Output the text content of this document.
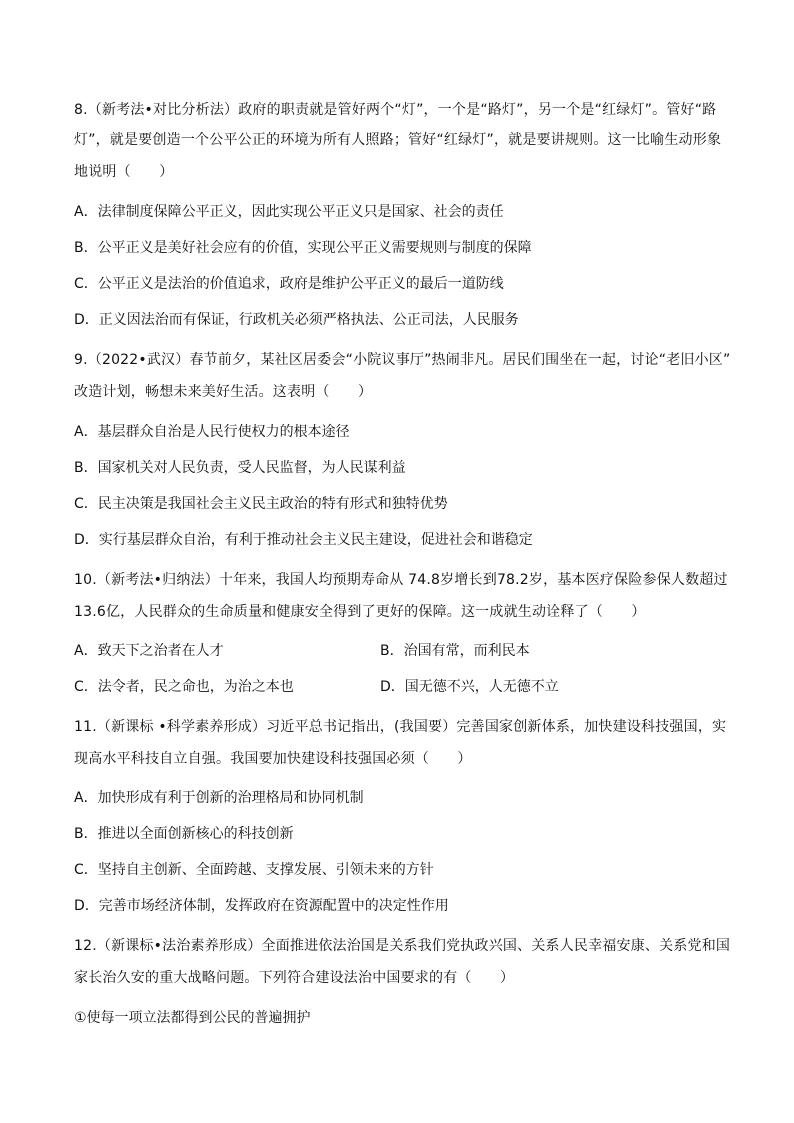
8.（新考法•对比分析法）政府的职责就是管好两个“灯”，一个是“路灯”，另一个是“红绿灯”。管好“路
灯”，就是要创造一个公平公正的环境为所有人照路；管好“红绿灯”，就是要讲规则。这一比喻生动形象
地说明（　　）
A．法律制度保障公平正义，因此实现公平正义只是国家、社会的责任
B．公平正义是美好社会应有的价值，实现公平正义需要规则与制度的保障
C．公平正义是法治的价值追求，政府是维护公平正义的最后一道防线
D．正义因法治而有保证，行政机关必须严格执法、公正司法，人民服务
9.（2022•武汉）春节前夕，某社区居委会“小院议事厅”热闹非凡。居民们围坐在一起，讨论“老旧小区”
改造计划，畅想未来美好生活。这表明（　　）
A．基层群众自治是人民行使权力的根本途径
B．国家机关对人民负责，受人民监督，为人民谋利益
C．民主决策是我国社会主义民主政治的特有形式和独特优势
D．实行基层群众自治，有利于推动社会主义民主建设，促进社会和谐稳定
10.（新考法•归纳法）十年来，我国人均预期寿命从 74.8岁增长到78.2岁，基本医疗保险参保人数超过
13.6亿，人民群众的生命质量和健康安全得到了更好的保障。这一成就生动诠释了（　　）
A．致天下之治者在人才	B．治国有常，而利民本
C．法令者，民之命也，为治之本也	D．国无德不兴，人无德不立
11.（新课标 •科学素养形成）习近平总书记指出，(我国要）完善国家创新体系，加快建设科技强国，实
现高水平科技自立自强。我国要加快建设科技强国必须（　　）
A．加快形成有利于创新的治理格局和协同机制
B．推进以全面创新核心的科技创新
C．坚持自主创新、全面跨越、支撑发展、引领未来的方针
D．完善市场经济体制，发挥政府在资源配置中的决定性作用
12.（新课标•法治素养形成）全面推进依法治国是关系我们党执政兴国、关系人民幸福安康、关系党和国
家长治久安的重大战略问题。下列符合建设法治中国要求的有（　　）
①使每一项立法都得到公民的普遍拥护
